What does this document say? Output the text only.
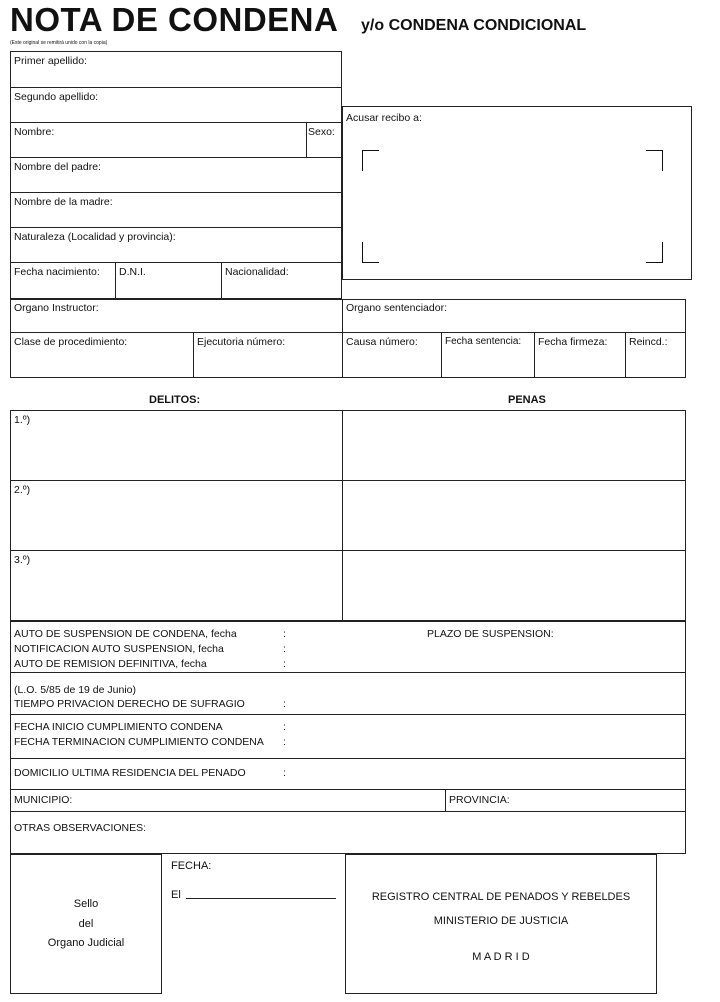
NOTA DE CONDENA y/o CONDENA CONDICIONAL
(Este original se remitirá unido con la copia)
Primer apellido:
Segundo apellido:
Nombre:	Sexo:
Nombre del padre:
Nombre de la madre:
Naturaleza (Localidad y provincia):
Fecha nacimiento: D.N.I.	Nacionalidad:
Acusar recibo a:
Organo Instructor:	Organo sentenciador:
Clase de procedimiento:	Ejecutoria número:	Causa número:	Fecha sentencia: Fecha firmeza: Reincd.:
DELITOS:	PENAS
1.º)
2.º)
3.º)
AUTO DE SUSPENSION DE CONDENA, fecha	:
NOTIFICACION AUTO SUSPENSION, fecha	:
AUTO DE REMISION DEFINITIVA, fecha	:
PLAZO DE SUSPENSION:
(L.O. 5/85 de 19 de Junio)
TIEMPO PRIVACION DERECHO DE SUFRAGIO	:
FECHA INICIO CUMPLIMIENTO CONDENA	:
FECHA TERMINACION CUMPLIMIENTO CONDENA :
DOMICILIO ULTIMA RESIDENCIA DEL PENADO	:
MUNICIPIO:	PROVINCIA:
OTRAS OBSERVACIONES:
Sello
del
Organo Judicial
FECHA:
El	REGISTRO CENTRAL DE PENADOS Y REBELDES
MINISTERIO DE JUSTICIA
M A D R I D
